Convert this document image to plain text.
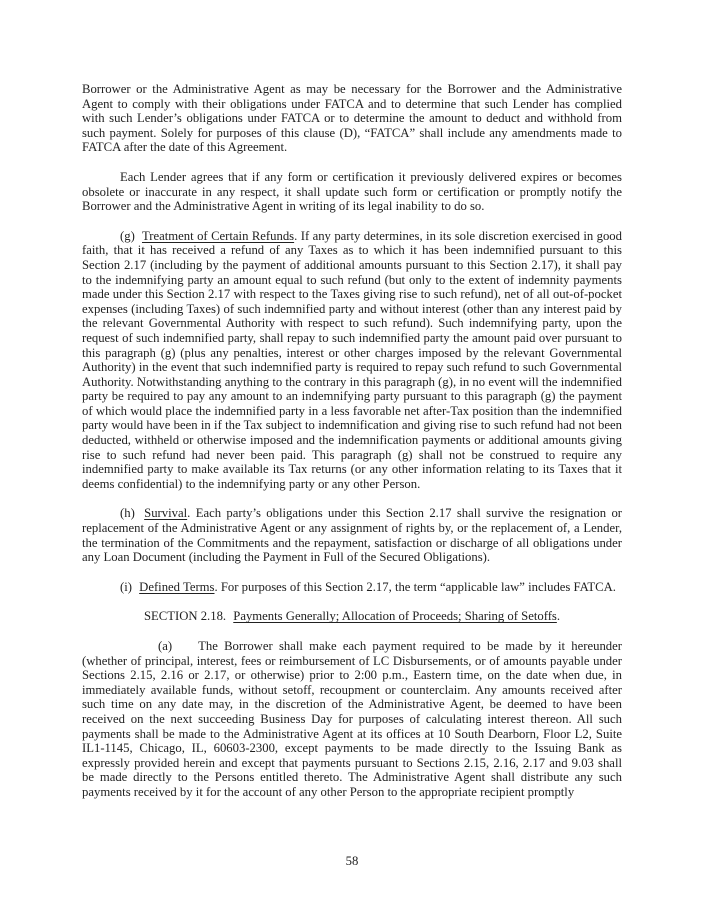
Borrower or the Administrative Agent as may be necessary for the Borrower and the Administrative Agent to comply with their obligations under FATCA and to determine that such Lender has complied with such Lender’s obligations under FATCA or to determine the amount to deduct and withhold from such payment. Solely for purposes of this clause (D), “FATCA” shall include any amendments made to FATCA after the date of this Agreement.

Each Lender agrees that if any form or certification it previously delivered expires or becomes obsolete or inaccurate in any respect, it shall update such form or certification or promptly notify the Borrower and the Administrative Agent in writing of its legal inability to do so.

(g) Treatment of Certain Refunds. If any party determines, in its sole discretion exercised in good faith, that it has received a refund of any Taxes as to which it has been indemnified pursuant to this Section 2.17 (including by the payment of additional amounts pursuant to this Section 2.17), it shall pay to the indemnifying party an amount equal to such refund (but only to the extent of indemnity payments made under this Section 2.17 with respect to the Taxes giving rise to such refund), net of all out-of-pocket expenses (including Taxes) of such indemnified party and without interest (other than any interest paid by the relevant Governmental Authority with respect to such refund). Such indemnifying party, upon the request of such indemnified party, shall repay to such indemnified party the amount paid over pursuant to this paragraph (g) (plus any penalties, interest or other charges imposed by the relevant Governmental Authority) in the event that such indemnified party is required to repay such refund to such Governmental Authority. Notwithstanding anything to the contrary in this paragraph (g), in no event will the indemnified party be required to pay any amount to an indemnifying party pursuant to this paragraph (g) the payment of which would place the indemnified party in a less favorable net after-Tax position than the indemnified party would have been in if the Tax subject to indemnification and giving rise to such refund had not been deducted, withheld or otherwise imposed and the indemnification payments or additional amounts giving rise to such refund had never been paid. This paragraph (g) shall not be construed to require any indemnified party to make available its Tax returns (or any other information relating to its Taxes that it deems confidential) to the indemnifying party or any other Person.

(h) Survival. Each party’s obligations under this Section 2.17 shall survive the resignation or replacement of the Administrative Agent or any assignment of rights by, or the replacement of, a Lender, the termination of the Commitments and the repayment, satisfaction or discharge of all obligations under any Loan Document (including the Payment in Full of the Secured Obligations).

(i) Defined Terms. For purposes of this Section 2.17, the term “applicable law” includes FATCA.

SECTION 2.18. Payments Generally; Allocation of Proceeds; Sharing of Setoffs.

(a) The Borrower shall make each payment required to be made by it hereunder (whether of principal, interest, fees or reimbursement of LC Disbursements, or of amounts payable under Sections 2.15, 2.16 or 2.17, or otherwise) prior to 2:00 p.m., Eastern time, on the date when due, in immediately available funds, without setoff, recoupment or counterclaim. Any amounts received after such time on any date may, in the discretion of the Administrative Agent, be deemed to have been received on the next succeeding Business Day for purposes of calculating interest thereon. All such payments shall be made to the Administrative Agent at its offices at 10 South Dearborn, Floor L2, Suite IL1-1145, Chicago, IL, 60603-2300, except payments to be made directly to the Issuing Bank as expressly provided herein and except that payments pursuant to Sections 2.15, 2.16, 2.17 and 9.03 shall be made directly to the Persons entitled thereto. The Administrative Agent shall distribute any such payments received by it for the account of any other Person to the appropriate recipient promptly

58
